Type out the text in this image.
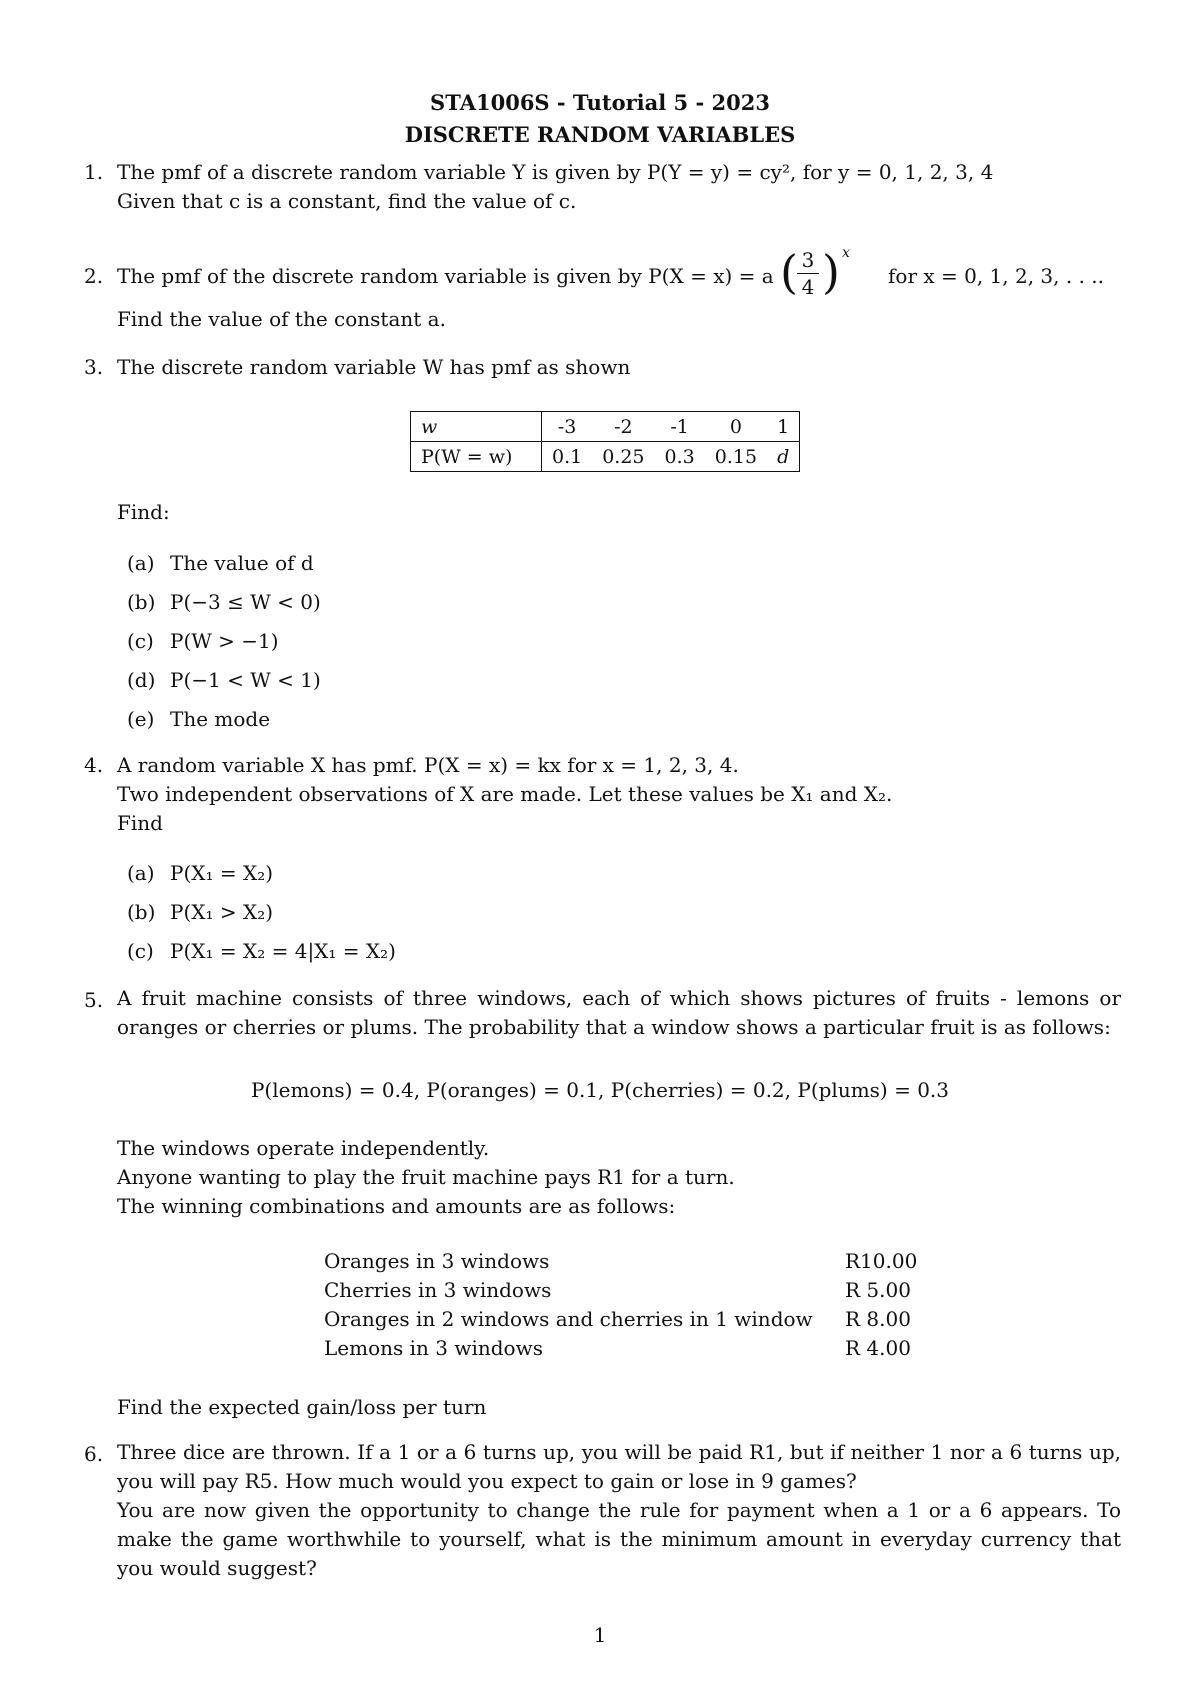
STA1006S - Tutorial 5 - 2023
DISCRETE RANDOM VARIABLES
1. The pmf of a discrete random variable Y is given by P(Y = y) = cy², for y = 0, 1, 2, 3, 4
Given that c is a constant, find the value of c.
2. The pmf of the discrete random variable is given by P(X = x) = a ( 3
4 ) x
for x = 0, 1, 2, 3, . . ..
Find the value of the constant a.
3. The discrete random variable W has pmf as shown
w	-3	-2	-1	0	1
P(W = w)	0.1	0.25	0.3	0.15	d
Find:
(a) The value of d
(b) P(−3 ≤ W < 0)
(c) P(W > −1)
(d) P(−1 < W < 1)
(e) The mode
4. A random variable X has pmf. P(X = x) = kx for x = 1, 2, 3, 4.
Two independent observations of X are made. Let these values be X₁ and X₂.
Find
(a) P(X₁ = X₂)
(b) P(X₁ > X₂)
(c) P(X₁ = X₂ = 4|X₁ = X₂)
5. A fruit machine consists of three windows, each of which shows pictures of fruits - lemons or oranges or cherries or plums. The probability that a window shows a particular fruit is as follows:
P(lemons) = 0.4, P(oranges) = 0.1, P(cherries) = 0.2, P(plums) = 0.3
The windows operate independently.
Anyone wanting to play the fruit machine pays R1 for a turn.
The winning combinations and amounts are as follows:
Oranges in 3 windows	R10.00
Cherries in 3 windows	R 5.00
Oranges in 2 windows and cherries in 1 window R 8.00
Lemons in 3 windows	R 4.00
Find the expected gain/loss per turn
6. Three dice are thrown. If a 1 or a 6 turns up, you will be paid R1, but if neither 1 nor a 6 turns up, you will pay R5. How much would you expect to gain or lose in 9 games?
You are now given the opportunity to change the rule for payment when a 1 or a 6 appears. To make the game worthwhile to yourself, what is the minimum amount in everyday currency that you would suggest?
1
